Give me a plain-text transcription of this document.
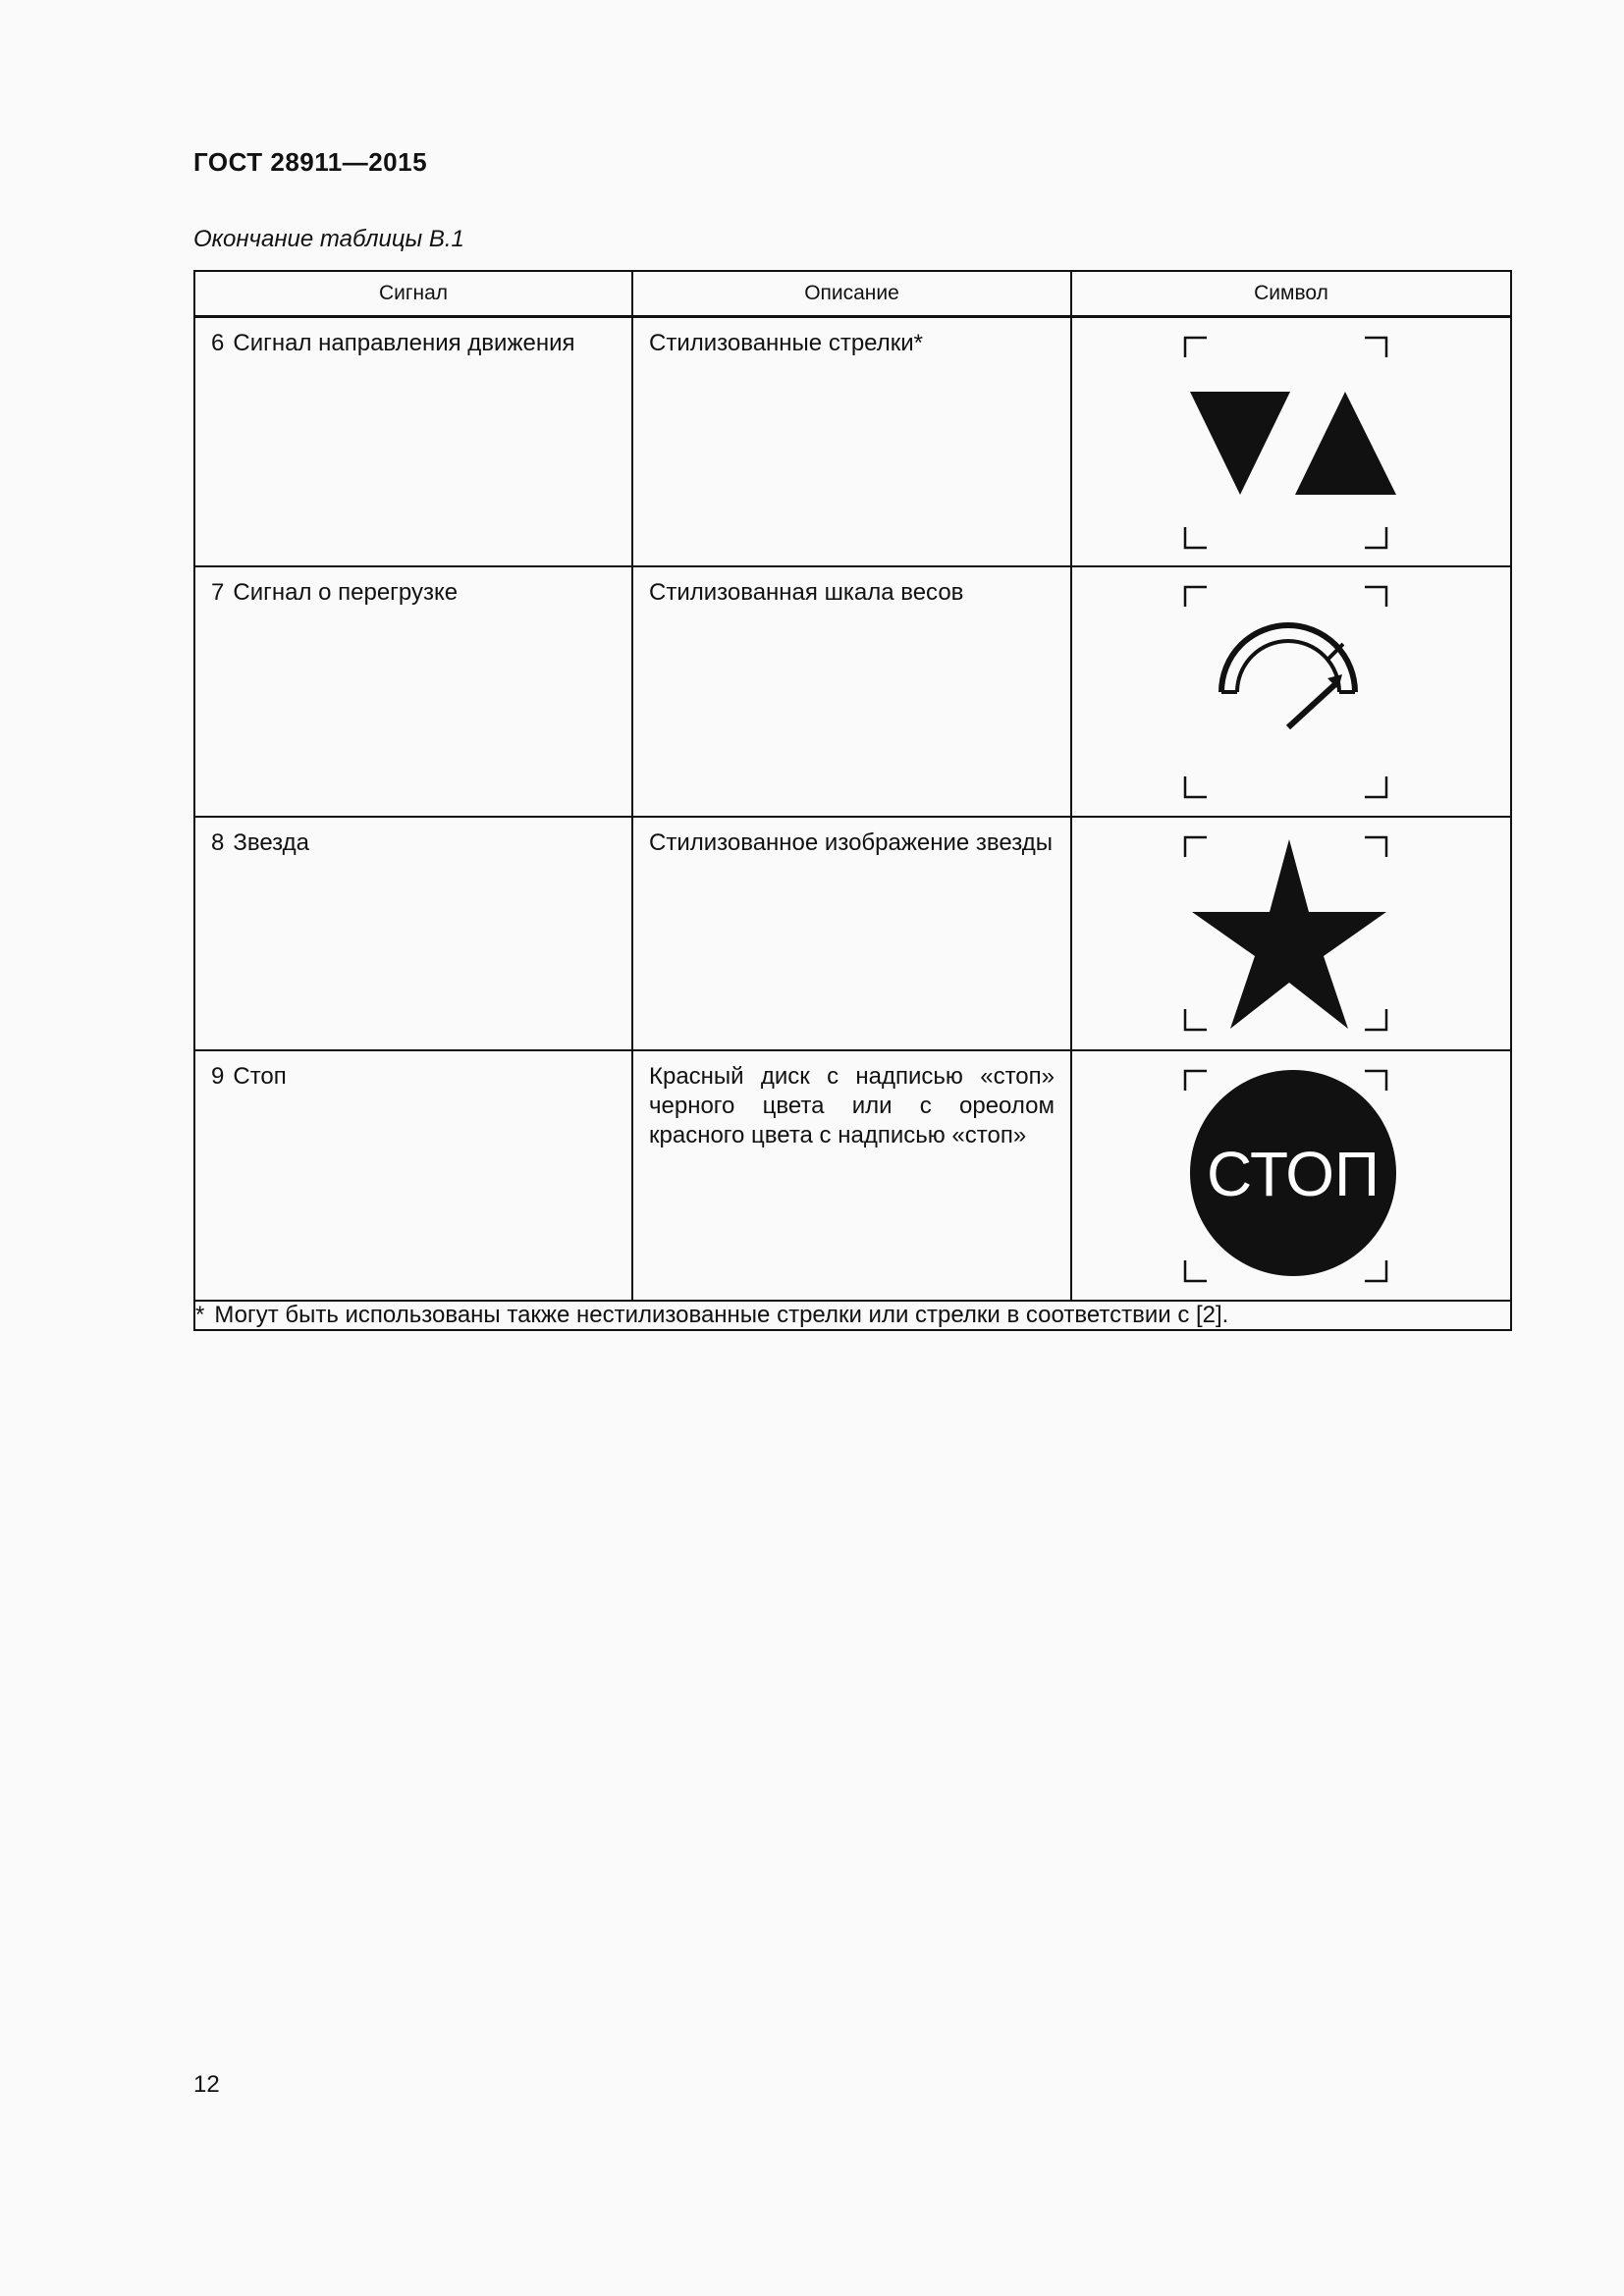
ГОСТ 28911—2015
Окончание таблицы В.1
Сигнал	Описание	Символ

6 Сигнал направления движения	Стилизованные стрелки*

7 Сигнал о перегрузке	Стилизованная шкала весов

8 Звезда	Стилизованное изображение звезды

9 Стоп	Красный диск с надписью «стоп» черного цвета или с ореолом красного цвета с надписью «стоп»	СТОП

* Могут быть использованы также нестилизованные стрелки или стрелки в соответствии с [2].		
12
